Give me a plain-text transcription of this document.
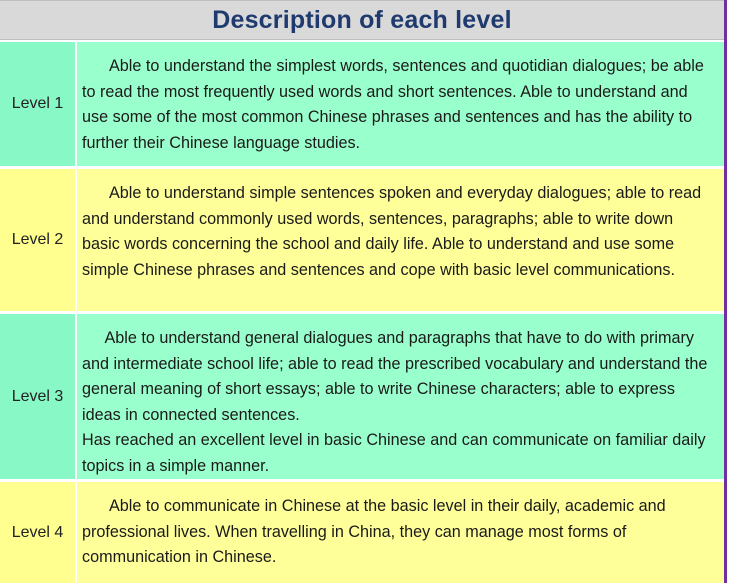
Description of each level
Level 1
Able to understand the simplest words, sentences and quotidian dialogues; be able to read the most frequently used words and short sentences. Able to understand and use some of the most common Chinese phrases and sentences and has the ability to further their Chinese language studies.
Level 2
Able to understand simple sentences spoken and everyday dialogues; able to read and understand commonly used words, sentences, paragraphs; able to write down basic words concerning the school and daily life. Able to understand and use some simple Chinese phrases and sentences and cope with basic level communications.
Level 3
Able to understand general dialogues and paragraphs that have to do with primary and intermediate school life; able to read the prescribed vocabulary and understand the general meaning of short essays; able to write Chinese characters; able to express ideas in connected sentences.
Has reached an excellent level in basic Chinese and can communicate on familiar daily topics in a simple manner.
Level 4
Able to communicate in Chinese at the basic level in their daily, academic and professional lives. When travelling in China, they can manage most forms of communication in Chinese.
